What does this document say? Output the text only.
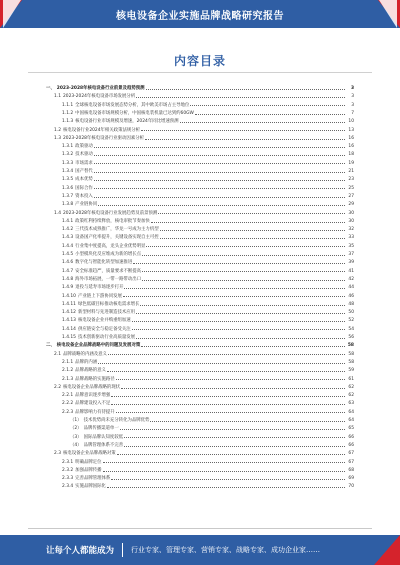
核电设备企业实施品牌战略研究报告
内容目录
一、 2023-2028年核电设备行业前景及趋势预测	3
1.1 2023-2024年核电设备市场发展分析	3
1.1.1 全球核电设备市场发展态势分析，其中欧美市场占主导地位	3
1.1.2 中国核电设备市场规模分析，中国核电装机量已达到约60GW	7
1.1.3 核电设备行业市场规模及增速，2024年同比增速预测	10
1.2 核电设备行业2024年相关政策法规分析	13
1.3 2023-2028年核电设备行业驱动因素分析	16
1.3.1 政策驱动	16
1.3.2 技术驱动	18
1.3.3 市场需求	19
1.3.4 国产替代	21
1.3.5 成本优势	23
1.3.6 国际合作	25
1.3.7 资本投入	27
1.3.8 产业链协同	29
1.4 2023-2028年核电设备行业发展趋势及前景预测	30
1.4.1 政策红利持续释放，核电审批节奏加快	30
1.4.2 三代技术成熟推广，华龙一号成为主力机型	32
1.4.3 设备国产化率提升，关键设备实现自主可控	33
1.4.4 行业集中度提高，龙头企业优势明显	35
1.4.5 小型模块化反应堆成为新的增长点	37
1.4.6 数字化与智能化转型加速推进	39
1.4.7 安全标准趋严，质量要求不断提高	41
1.4.8 海外市场拓展，一带一路带动出口	42
1.4.9 退役与延寿市场逐步打开	44
1.4.10 产业链上下游协同发展	46
1.4.11 绿色低碳目标推动核电需求增长	48
1.4.12 新型材料与先进制造技术应用	50
1.4.13 核电设备企业并购重组加速	52
1.4.14 供应链安全与稳定备受关注	54
1.4.15 技术创新驱动行业高质量发展	56
二、 核电设备企业品牌战略中的问题及发展对策	58
2.1 品牌战略的内涵及意义	58
2.1.1 品牌的内涵	58
2.1.2 品牌战略的意义	59
2.1.3 品牌战略的实施路径	61
2.2 核电设备企业品牌战略的现状	62
2.2.1 品牌意识逐步增强	62
2.2.2 品牌建设投入不足	63
2.2.3 品牌影响力有待提升	64
（1） 技术优势尚未充分转化为品牌优势	64
（2） 品牌传播渠道单一	65
（3） 国际品牌认知度较低	66
（4） 品牌管理体系不完善	66
2.3 核电设备企业品牌战略对策	67
2.3.1 明确品牌定位	67
2.3.2 加强品牌传播	68
2.3.3 完善品牌管理体系	69
2.3.4 实施品牌国际化	70
让每个人都能成为 行业专家、管理专家、营销专家、战略专家、成功企业家……
